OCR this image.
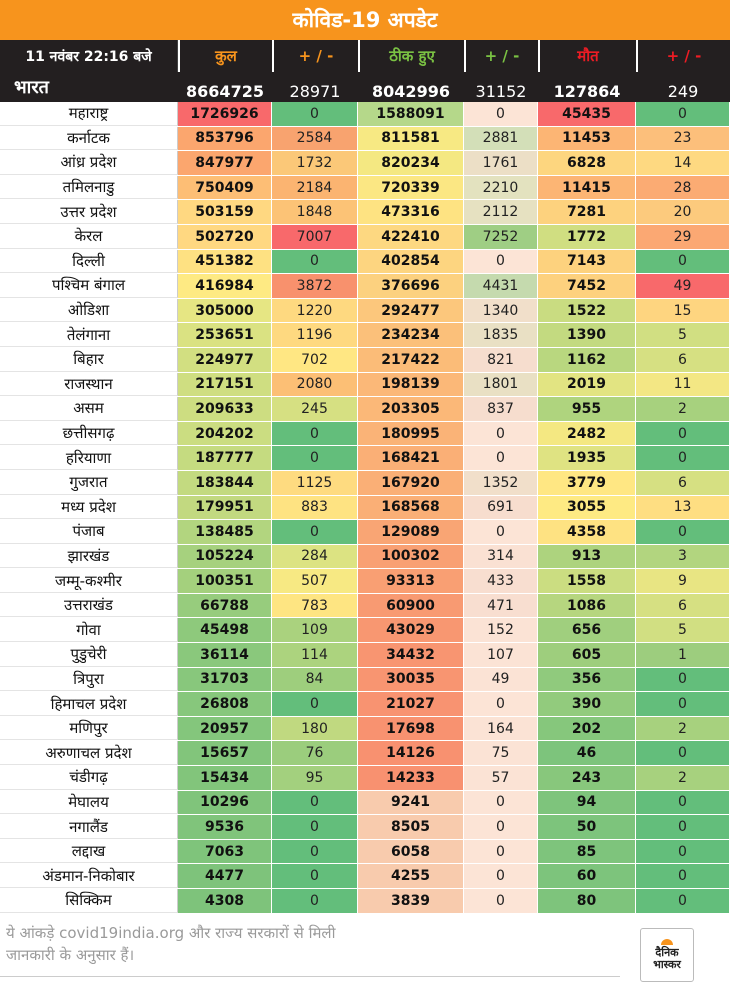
कोविड-19 अपडेट
11 नवंबर 22:16 बजे	कुल	+ / -	ठीक हुए	+ / -	मौत	+ / -
भारत	8664725	28971	8042996	31152	127864	249
महाराष्ट्र	1726926	0	1588091	0	45435	0
कर्नाटक	853796	2584	811581	2881	11453	23
आंध्र प्रदेश	847977	1732	820234	1761	6828	14
तमिलनाडु	750409	2184	720339	2210	11415	28
उत्तर प्रदेश	503159	1848	473316	2112	7281	20
केरल	502720	7007	422410	7252	1772	29
दिल्ली	451382	0	402854	0	7143	0
पश्चिम बंगाल	416984	3872	376696	4431	7452	49
ओडिशा	305000	1220	292477	1340	1522	15
तेलंगाना	253651	1196	234234	1835	1390	5
बिहार	224977	702	217422	821	1162	6
राजस्थान	217151	2080	198139	1801	2019	11
असम	209633	245	203305	837	955	2
छत्तीसगढ़	204202	0	180995	0	2482	0
हरियाणा	187777	0	168421	0	1935	0
गुजरात	183844	1125	167920	1352	3779	6
मध्य प्रदेश	179951	883	168568	691	3055	13
पंजाब	138485	0	129089	0	4358	0
झारखंड	105224	284	100302	314	913	3
जम्मू-कश्मीर	100351	507	93313	433	1558	9
उत्तराखंड	66788	783	60900	471	1086	6
गोवा	45498	109	43029	152	656	5
पुडुचेरी	36114	114	34432	107	605	1
त्रिपुरा	31703	84	30035	49	356	0
हिमाचल प्रदेश	26808	0	21027	0	390	0
मणिपुर	20957	180	17698	164	202	2
अरुणाचल प्रदेश	15657	76	14126	75	46	0
चंडीगढ़	15434	95	14233	57	243	2
मेघालय	10296	0	9241	0	94	0
नगालैंड	9536	0	8505	0	50	0
लद्दाख	7063	0	6058	0	85	0
अंडमान-निकोबार	4477	0	4255	0	60	0
सिक्किम	4308	0	3839	0	80	0
ये आंकड़े covid19india.org और राज्य सरकारों से मिली जानकारी के अनुसार हैं।	दैनिक
भास्कर
